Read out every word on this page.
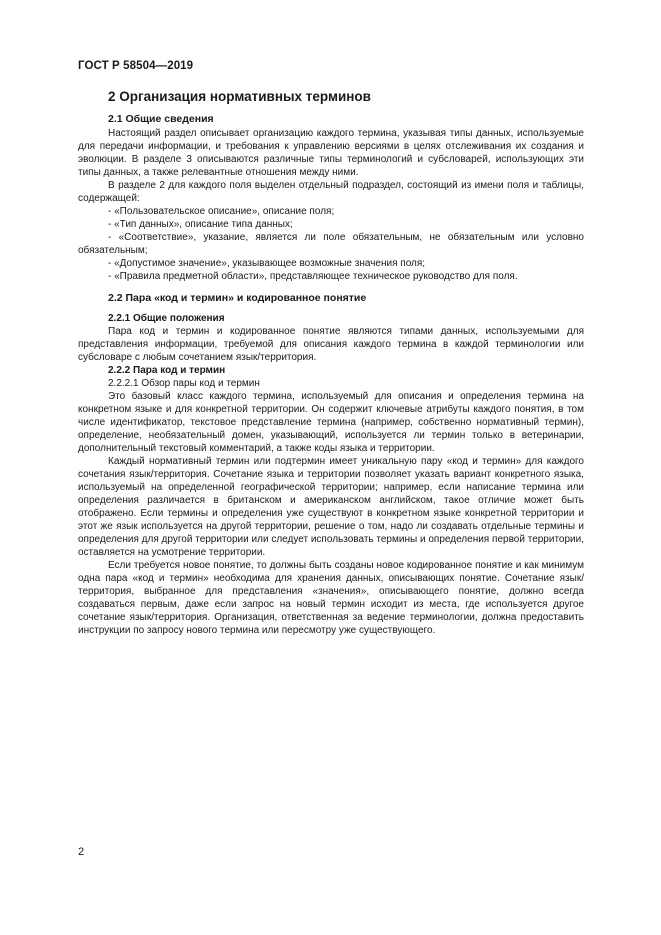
ГОСТ Р 58504—2019
2 Организация нормативных терминов
2.1 Общие сведения
Настоящий раздел описывает организацию каждого термина, указывая типы данных, используемые для передачи информации, и требования к управлению версиями в целях отслеживания их создания и эволюции. В разделе 3 описываются различные типы терминологий и субсловарей, использующих эти типы данных, а также релевантные отношения между ними.
В разделе 2 для каждого поля выделен отдельный подраздел, состоящий из имени поля и таблицы, содержащей:
- «Пользовательское описание», описание поля;
- «Тип данных», описание типа данных;
- «Соответствие», указание, является ли поле обязательным, не обязательным или условно обязательным;
- «Допустимое значение», указывающее возможные значения поля;
- «Правила предметной области», представляющее техническое руководство для поля.
2.2 Пара «код и термин» и кодированное понятие
2.2.1 Общие положения
Пара код и термин и кодированное понятие являются типами данных, используемыми для представления информации, требуемой для описания каждого термина в каждой терминологии или субсловаре с любым сочетанием язык/территория.
2.2.2 Пара код и термин
2.2.2.1 Обзор пары код и термин
Это базовый класс каждого термина, используемый для описания и определения термина на конкретном языке и для конкретной территории. Он содержит ключевые атрибуты каждого понятия, в том числе идентификатор, текстовое представление термина (например, собственно нормативный термин), определение, необязательный домен, указывающий, используется ли термин только в ветеринарии, дополнительный текстовый комментарий, а также коды языка и территории.
Каждый нормативный термин или подтермин имеет уникальную пару «код и термин» для каждого сочетания язык/территория. Сочетание языка и территории позволяет указать вариант конкретного языка, используемый на определенной географической территории; например, если написание термина или определения различается в британском и американском английском, такое отличие может быть отображено. Если термины и определения уже существуют в конкретном языке конкретной территории и этот же язык используется на другой территории, решение о том, надо ли создавать отдельные термины и определения для другой территории или следует использовать термины и определения первой территории, оставляется на усмотрение территории.
Если требуется новое понятие, то должны быть созданы новое кодированное понятие и как минимум одна пара «код и термин» необходима для хранения данных, описывающих понятие. Сочетание язык/территория, выбранное для представления «значения», описывающего понятие, должно всегда создаваться первым, даже если запрос на новый термин исходит из места, где используется другое сочетание язык/территория. Организация, ответственная за ведение терминологии, должна предоставить инструкции по запросу нового термина или пересмотру уже существующего.
2
